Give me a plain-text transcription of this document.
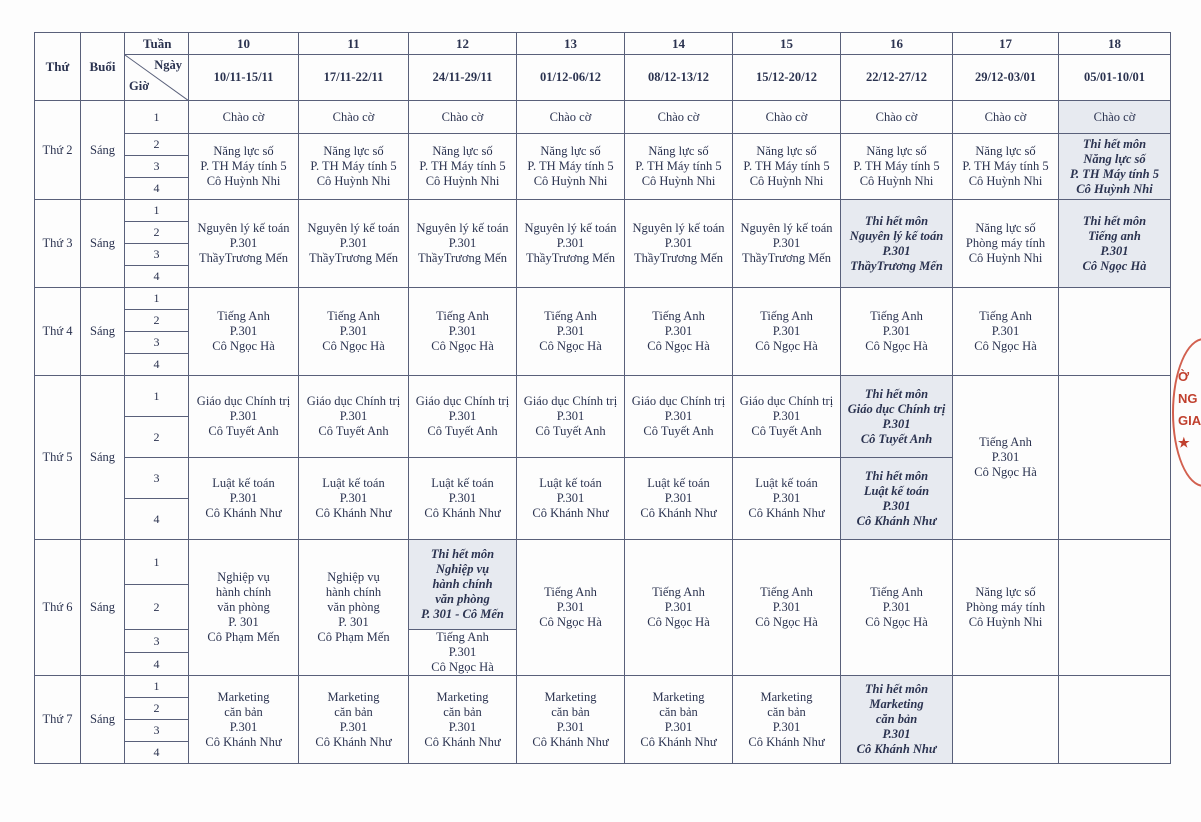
Thứ	Buổi	Tuần	10	11	12	13	14	15	16	17	18

		Ngày
Giờ	10/11-15/11	17/11-22/11	24/11-29/11	01/12-06/12	08/12-13/12	15/12-20/12	22/12-27/12	29/12-03/01	05/01-10/01
Thứ 2	Sáng	1	Chào cờ	Chào cờ	Chào cờ	Chào cờ	Chào cờ	Chào cờ	Chào cờ	Chào cờ	Chào cờ
		2	Năng lực số
P. TH Máy tính 5
Cô Huỳnh Nhi	Năng lực số
P. TH Máy tính 5
Cô Huỳnh Nhi	Năng lực số
P. TH Máy tính 5
Cô Huỳnh Nhi	Năng lực số
P. TH Máy tính 5
Cô Huỳnh Nhi	Năng lực số
P. TH Máy tính 5
Cô Huỳnh Nhi	Năng lực số
P. TH Máy tính 5
Cô Huỳnh Nhi	Năng lực số
P. TH Máy tính 5
Cô Huỳnh Nhi	Năng lực số
P. TH Máy tính 5
Cô Huỳnh Nhi	Thi hết môn
Năng lực số
P. TH Máy tính 5
Cô Huỳnh Nhi

		3									
		4									
Thứ 3	Sáng	1	Nguyên lý kế toán
P.301
ThầyTrương Mến	Nguyên lý kế toán
P.301
ThầyTrương Mến	Nguyên lý kế toán
P.301
ThầyTrương Mến	Nguyên lý kế toán
P.301
ThầyTrương Mến	Nguyên lý kế toán
P.301
ThầyTrương Mến	Nguyên lý kế toán
P.301
ThầyTrương Mến	Thi hết môn
Nguyên lý kế toán
P.301
ThầyTrương Mến	Năng lực số
Phòng máy tính
Cô Huỳnh Nhi	Thi hết môn
Tiếng anh
P.301
Cô Ngọc Hà

		2									
		3									
		4									
Thứ 4	Sáng	1	Tiếng Anh
P.301
Cô Ngọc Hà	Tiếng Anh
P.301
Cô Ngọc Hà	Tiếng Anh
P.301
Cô Ngọc Hà	Tiếng Anh
P.301
Cô Ngọc Hà	Tiếng Anh
P.301
Cô Ngọc Hà	Tiếng Anh
P.301
Cô Ngọc Hà	Tiếng Anh
P.301
Cô Ngọc Hà	Tiếng Anh
P.301
Cô Ngọc Hà	

		2									
		3									
		4									
Thứ 5	Sáng	1	Giáo dục Chính trị
P.301
Cô Tuyết Anh	Giáo dục Chính trị
P.301
Cô Tuyết Anh	Giáo dục Chính trị
P.301
Cô Tuyết Anh	Giáo dục Chính trị
P.301
Cô Tuyết Anh	Giáo dục Chính trị
P.301
Cô Tuyết Anh	Giáo dục Chính trị
P.301
Cô Tuyết Anh	Thi hết môn
Giáo dục Chính trị
P.301
Cô Tuyết Anh	Tiếng Anh
P.301
Cô Ngọc Hà	

		2									
		3	Luật kế toán
P.301
Cô Khánh Như	Luật kế toán
P.301
Cô Khánh Như	Luật kế toán
P.301
Cô Khánh Như	Luật kế toán
P.301
Cô Khánh Như	Luật kế toán
P.301
Cô Khánh Như	Luật kế toán
P.301
Cô Khánh Như	Thi hết môn
Luật kế toán
P.301
Cô Khánh Như		

		4									
Thứ 6	Sáng	1	Nghiệp vụ
hành chính
văn phòng
P. 301
Cô Phạm Mến	Nghiệp vụ
hành chính
văn phòng
P. 301
Cô Phạm Mến	Thi hết môn
Nghiệp vụ
hành chính
văn phòng
P. 301 - Cô Mến	Tiếng Anh
P.301
Cô Ngọc Hà	Tiếng Anh
P.301
Cô Ngọc Hà	Tiếng Anh
P.301
Cô Ngọc Hà	Tiếng Anh
P.301
Cô Ngọc Hà	Năng lực số
Phòng máy tính
Cô Huỳnh Nhi	

		2									
		3			Tiếng Anh
P.301
Cô Ngọc Hà						

		4									
Thứ 7	Sáng	1	Marketing
căn bản
P.301
Cô Khánh Như	Marketing
căn bản
P.301
Cô Khánh Như	Marketing
căn bản
P.301
Cô Khánh Như	Marketing
căn bản
P.301
Cô Khánh Như	Marketing
căn bản
P.301
Cô Khánh Như	Marketing
căn bản
P.301
Cô Khánh Như	Thi hết môn
Marketing
căn bản
P.301
Cô Khánh Như		

		2									
		3									
		4									
Ờ
NG
GIA
★
